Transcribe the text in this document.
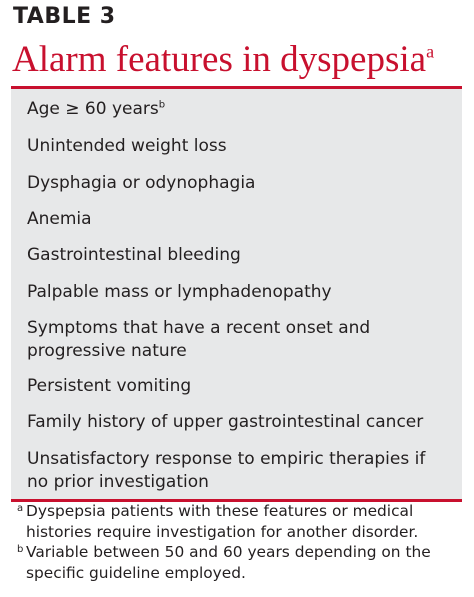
TABLE 3
Alarm features in dyspepsia$^a$
Age ≥ 60 years$^b$
Unintended weight loss
Dysphagia or odynophagia
Anemia
Gastrointestinal bleeding
Palpable mass or lymphadenopathy
Symptoms that have a recent onset and progressive nature
Persistent vomiting
Family history of upper gastrointestinal cancer
Unsatisfactory response to empiric therapies if no prior investigation
a Dyspepsia patients with these features or medical histories require investigation for another disorder.
b Variable between 50 and 60 years depending on the specific guideline employed.
